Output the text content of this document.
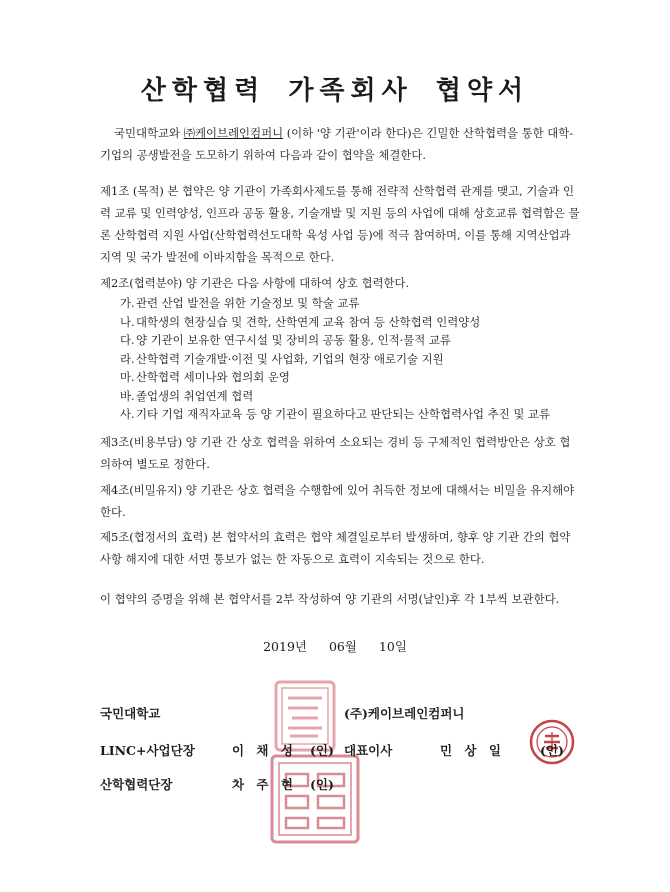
산학협력 가족회사 협약서
국민대학교와 ㈜케이브레인컴퍼니 (이하 '양 기관'이라 한다)은 긴밀한 산학협력을 통한 대학-기업의 공생발전을 도모하기 위하여 다음과 같이 협약을 체결한다.
제1조 (목적) 본 협약은 양 기관이 가족회사제도를 통해 전략적 산학협력 관계를 맺고, 기술과 인력 교류 및 인력양성, 인프라 공동 활용, 기술개발 및 지원 등의 사업에 대해 상호교류 협력함은 물론 산학협력 지원 사업(산학협력선도대학 육성 사업 등)에 적극 참여하며, 이를 통해 지역산업과 지역 및 국가 발전에 이바지함을 목적으로 한다.
제2조(협력분야) 양 기관은 다음 사항에 대하여 상호 협력한다.
가. 관련 산업 발전을 위한 기술정보 및 학술 교류
나. 대학생의 현장실습 및 견학, 산학연계 교육 참여 등 산학협력 인력양성
다. 양 기관이 보유한 연구시설 및 장비의 공동 활용, 인적·물적 교류
라. 산학협력 기술개발·이전 및 사업화, 기업의 현장 애로기술 지원
마. 산학협력 세미나와 협의회 운영
바. 졸업생의 취업연계 협력
사. 기타 기업 재직자교육 등 양 기관이 필요하다고 판단되는 산학협력사업 추진 및 교류
제3조(비용부담) 양 기관 간 상호 협력을 위하여 소요되는 경비 등 구체적인 협력방안은 상호 협의하여 별도로 정한다.
제4조(비밀유지) 양 기관은 상호 협력을 수행함에 있어 취득한 정보에 대해서는 비밀을 유지해야 한다.
제5조(협정서의 효력) 본 협약서의 효력은 협약 체결일로부터 발생하며, 향후 양 기관 간의 협약사항 해지에 대한 서면 통보가 없는 한 자동으로 효력이 지속되는 것으로 한다.
이 협약의 증명을 위해 본 협약서를 2부 작성하여 양 기관의 서명(날인)후 각 1부씩 보관한다.
2019년 06월 10일
국민대학교
LINC+사업단장	이 채 성 (인)
산학협력단장	차 주 현 (인)
(주)케이브레인컴퍼니
대표이사	민 상 일	(인)
